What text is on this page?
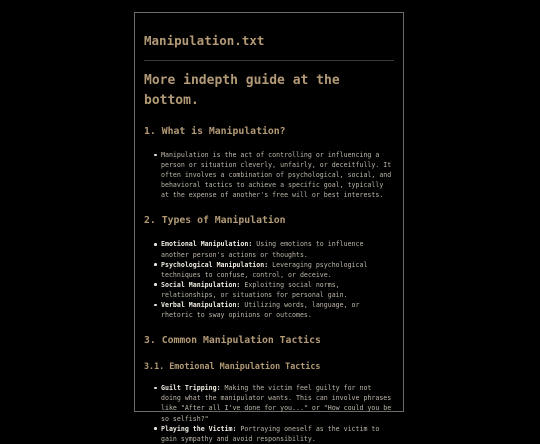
Manipulation.txt
More indepth guide at the bottom.
1. What is Manipulation?
Manipulation is the act of controlling or influencing a person or situation cleverly, unfairly, or deceitfully. It often involves a combination of psychological, social, and behavioral tactics to achieve a specific goal, typically at the expense of another's free will or best interests.
2. Types of Manipulation
Emotional Manipulation: Using emotions to influence another person's actions or thoughts.
Psychological Manipulation: Leveraging psychological techniques to confuse, control, or deceive.
Social Manipulation: Exploiting social norms, relationships, or situations for personal gain.
Verbal Manipulation: Utilizing words, language, or rhetoric to sway opinions or outcomes.
3. Common Manipulation Tactics
3.1. Emotional Manipulation Tactics
Guilt Tripping: Making the victim feel guilty for not doing what the manipulator wants. This can involve phrases like "After all I've done for you..." or "How could you be so selfish?"
Playing the Victim: Portraying oneself as the victim to gain sympathy and avoid responsibility.
